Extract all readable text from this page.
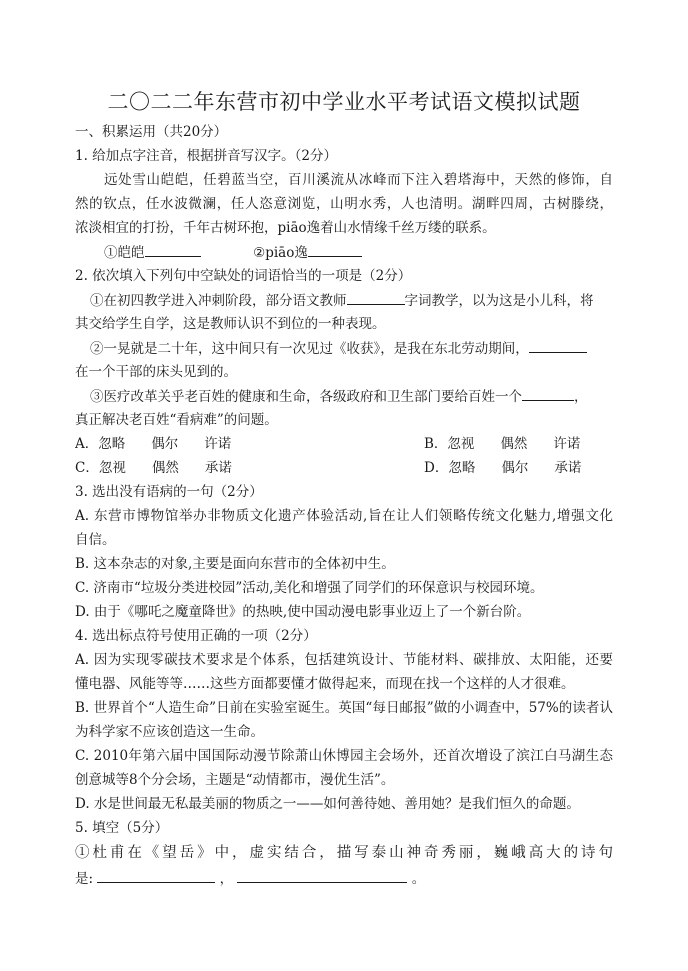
二〇二二年东营市初中学业水平考试语文模拟试题
一、积累运用（共20分）
1. 给加点字注音，根据拼音写汉字。（2分）
远处雪山皑皑，任碧蓝当空，百川溪流从冰峰而下注入碧塔海中，天然的修饰，自
然的钦点，任水波微澜，任人恣意浏览，山明水秀，人也清明。湖畔四周，古树滕绕，
浓淡相宜的打扮，千年古树环抱，piāo逸着山水情缘千丝万缕的联系。
①皑皑	②piāo逸
2. 依次填入下列句中空缺处的词语恰当的一项是（2分）
①在初四教学进入冲刺阶段，部分语文教师	字词教学，以为这是小儿科，将
其交给学生自学，这是教师认识不到位的一种表现。
②一晃就是二十年，这中间只有一次见过《收获》，是我在东北劳动期间，
在一个干部的床头见到的。
③医疗改革关乎老百姓的健康和生命，各级政府和卫生部门要给百姓一个	，
真正解决老百姓“看病难”的问题。
A．忽略 偶尔 许诺	B．忽视 偶然 许诺
C．忽视 偶然 承诺	D．忽略 偶尔 承诺
3. 选出没有语病的一句（2分）
A. 东营市博物馆举办非物质文化遗产体验活动,旨在让人们领略传统文化魅力,增强文化
自信。
B. 这本杂志的对象,主要是面向东营市的全体初中生。
C. 济南市“垃圾分类进校园”活动,美化和增强了同学们的环保意识与校园环境。
D. 由于《哪吒之魔童降世》的热映,使中国动漫电影事业迈上了一个新台阶。
4. 选出标点符号使用正确的一项（2分）
A. 因为实现零碳技术要求是个体系，包括建筑设计、节能材料、碳排放、太阳能，还要
懂电器、风能等等……这些方面都要懂才做得起来，而现在找一个这样的人才很难。
B. 世界首个“人造生命”日前在实验室诞生。英国“每日邮报”做的小调查中，57%的读者认
为科学家不应该创造这一生命。
C. 2010年第六届中国国际动漫节除萧山休博园主会场外，还首次增设了滨江白马湖生态
创意城等8个分会场，主题是“动情都市，漫优生活”。
D. 水是世间最无私最美丽的物质之一——如何善待她、善用她？是我们恒久的命题。
5. 填空（5分）
①杜甫在《望岳》中，虚实结合，描写泰山神奇秀丽，巍峨高大的诗句
是:	，	。
